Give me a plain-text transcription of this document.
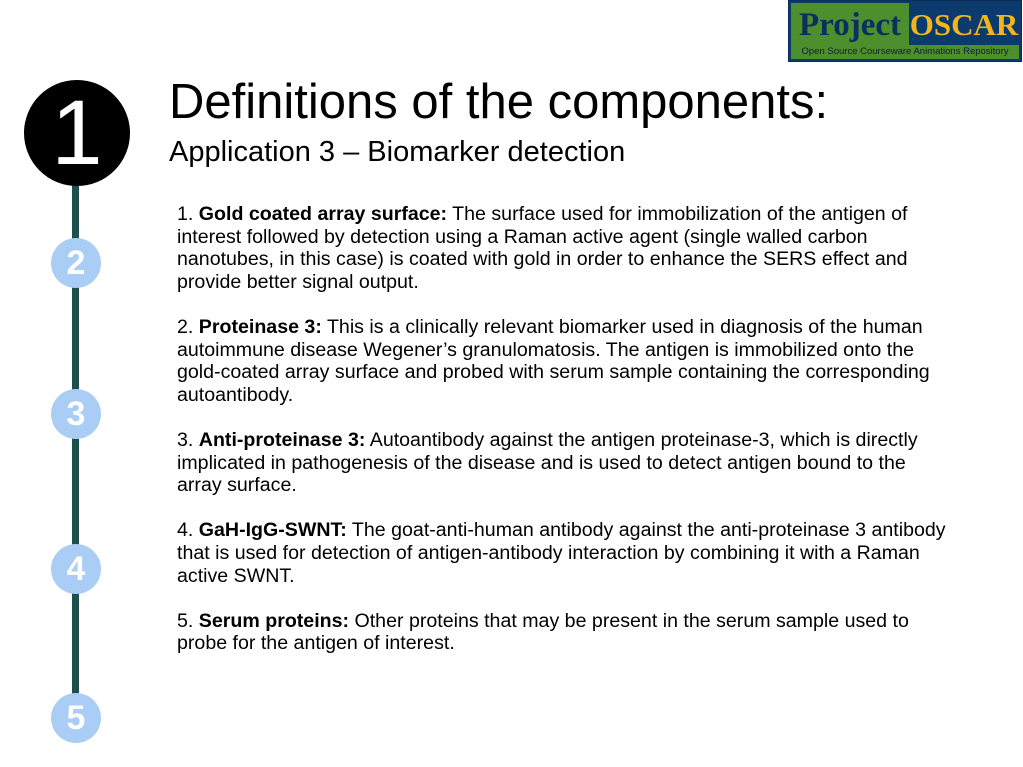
Project OSCAR
Open Source Courseware Animations Repository
1
2
3
4
5
Definitions of the components:
Application 3 – Biomarker detection

1. Gold coated array surface: The surface used for immobilization of the antigen of interest followed by detection using a Raman active agent (single walled carbon nanotubes, in this case) is coated with gold in order to enhance the SERS effect and provide better signal output.

2. Proteinase 3: This is a clinically relevant biomarker used in diagnosis of the human autoimmune disease Wegener’s granulomatosis. The antigen is immobilized onto the gold-coated array surface and probed with serum sample containing the corresponding autoantibody.

3. Anti-proteinase 3: Autoantibody against the antigen proteinase-3, which is directly implicated in pathogenesis of the disease and is used to detect antigen bound to the array surface.

4. GaH-IgG-SWNT: The goat-anti-human antibody against the anti-proteinase 3 antibody that is used for detection of antigen-antibody interaction by combining it with a Raman active SWNT.

5. Serum proteins: Other proteins that may be present in the serum sample used to probe for the antigen of interest.
